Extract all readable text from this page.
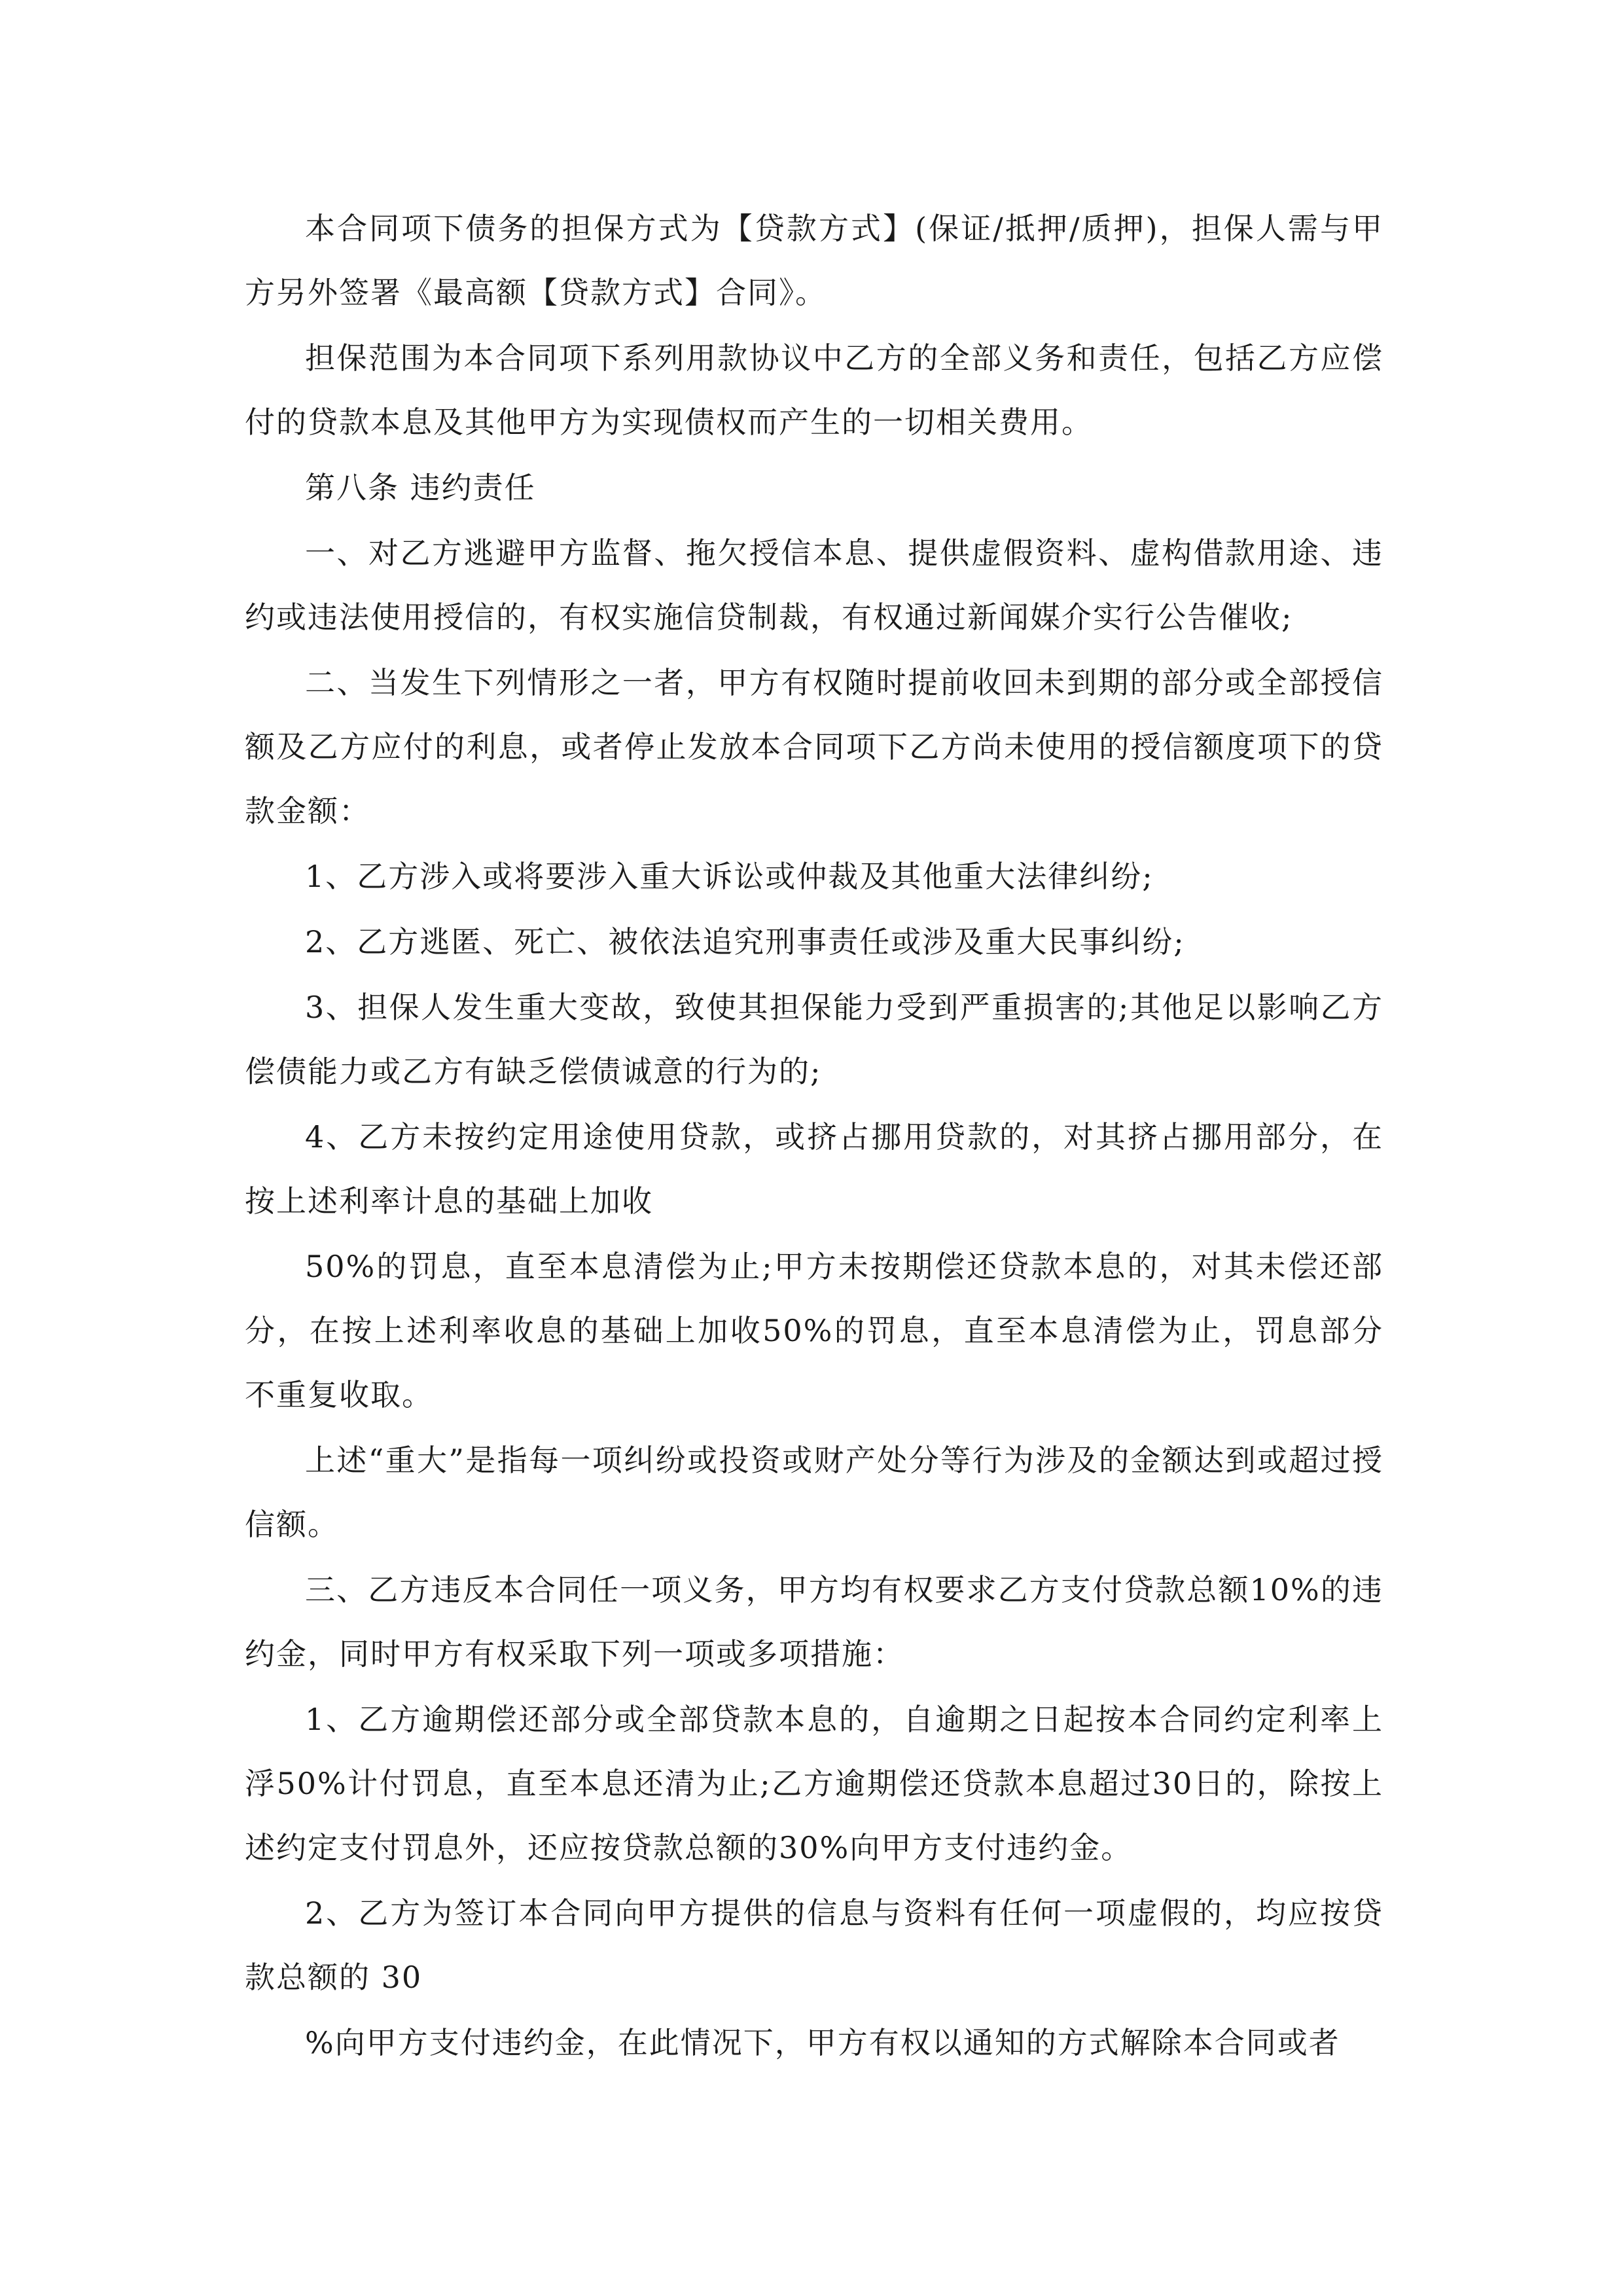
本合同项下债务的担保方式为【贷款方式】(保证/抵押/质押)，担保人需与甲方另外签署《最高额【贷款方式】合同》。

担保范围为本合同项下系列用款协议中乙方的全部义务和责任，包括乙方应偿付的贷款本息及其他甲方为实现债权而产生的一切相关费用。

第八条 违约责任

一、对乙方逃避甲方监督、拖欠授信本息、提供虚假资料、虚构借款用途、违约或违法使用授信的，有权实施信贷制裁，有权通过新闻媒介实行公告催收;

二、当发生下列情形之一者，甲方有权随时提前收回未到期的部分或全部授信额及乙方应付的利息，或者停止发放本合同项下乙方尚未使用的授信额度项下的贷款金额：

1、乙方涉入或将要涉入重大诉讼或仲裁及其他重大法律纠纷;

2、乙方逃匿、死亡、被依法追究刑事责任或涉及重大民事纠纷;

3、担保人发生重大变故，致使其担保能力受到严重损害的;其他足以影响乙方偿债能力或乙方有缺乏偿债诚意的行为的;

4、乙方未按约定用途使用贷款，或挤占挪用贷款的，对其挤占挪用部分，在按上述利率计息的基础上加收

50%的罚息，直至本息清偿为止;甲方未按期偿还贷款本息的，对其未偿还部分，在按上述利率收息的基础上加收50%的罚息，直至本息清偿为止，罚息部分不重复收取。

上述“重大”是指每一项纠纷或投资或财产处分等行为涉及的金额达到或超过授信额。

三、乙方违反本合同任一项义务，甲方均有权要求乙方支付贷款总额10%的违约金，同时甲方有权采取下列一项或多项措施：

1、乙方逾期偿还部分或全部贷款本息的，自逾期之日起按本合同约定利率上浮50%计付罚息，直至本息还清为止;乙方逾期偿还贷款本息超过30日的，除按上述约定支付罚息外，还应按贷款总额的30%向甲方支付违约金。

2、乙方为签订本合同向甲方提供的信息与资料有任何一项虚假的，均应按贷款总额的 30

%向甲方支付违约金，在此情况下，甲方有权以通知的方式解除本合同或者
